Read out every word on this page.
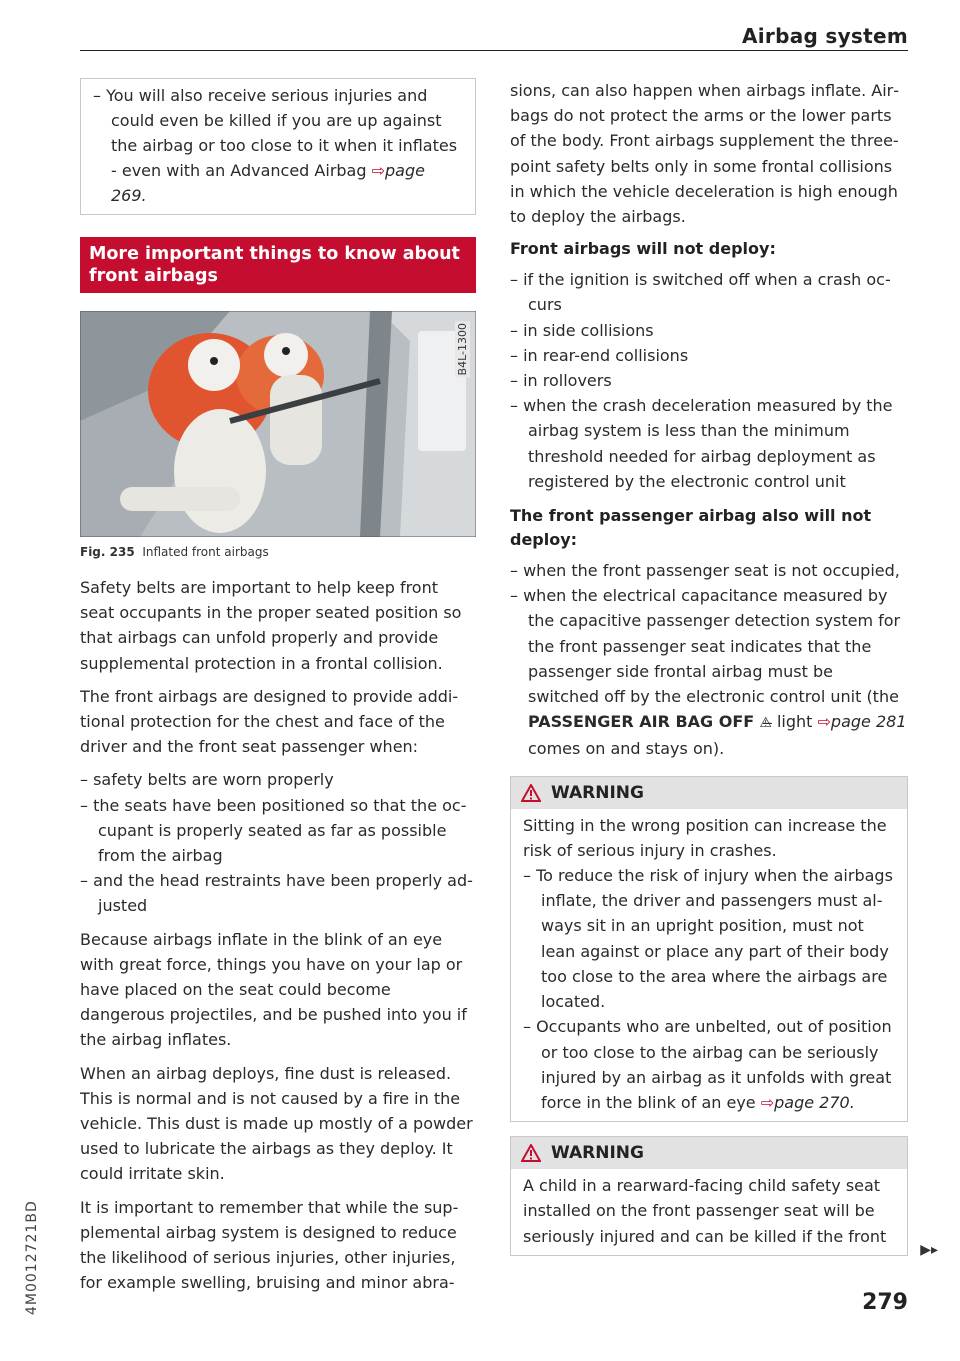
Airbag system
– You will also receive serious injuries and could even be killed if you are up against the airbag or too close to it when it inflates - even with an Advanced Airbag ⇨page 269.
More important things to know about front airbags
B4L-1300
Fig. 235 Inflated front airbags

Safety belts are important to help keep front seat occupants in the proper seated position so that airbags can unfold properly and provide supplemental protection in a frontal collision.

The front airbags are designed to provide additional protection for the chest and face of the driver and the front seat passenger when:

– safety belts are worn properly
– the seats have been positioned so that the occupant is properly seated as far as possible from the airbag
– and the head restraints have been properly adjusted

Because airbags inflate in the blink of an eye with great force, things you have on your lap or have placed on the seat could become dangerous projectiles, and be pushed into you if the airbag inflates.

When an airbag deploys, fine dust is released. This is normal and is not caused by a fire in the vehicle. This dust is made up mostly of a powder used to lubricate the airbags as they deploy. It could irritate skin.

It is important to remember that while the supplemental airbag system is designed to reduce the likelihood of serious injuries, other injuries, for example swelling, bruising and minor abra-

sions, can also happen when airbags inflate. Airbags do not protect the arms or the lower parts of the body. Front airbags supplement the three-point safety belts only in some frontal collisions in which the vehicle deceleration is high enough to deploy the airbags.

Front airbags will not deploy:
– if the ignition is switched off when a crash occurs
– in side collisions
– in rear-end collisions
– in rollovers
– when the crash deceleration measured by the airbag system is less than the minimum threshold needed for airbag deployment as registered by the electronic control unit
The front passenger airbag also will not deploy:
– when the front passenger seat is not occupied,
– when the electrical capacitance measured by the capacitive passenger detection system for the front passenger seat indicates that the passenger side frontal airbag must be switched off by the electronic control unit (the PASSENGER AIR BAG OFF ⚠̶ light ⇨page 281 comes on and stays on).
WARNING

Sitting in the wrong position can increase the risk of serious injury in crashes.

– To reduce the risk of injury when the airbags inflate, the driver and passengers must always sit in an upright position, must not lean against or place any part of their body too close to the area where the airbags are located.
– Occupants who are unbelted, out of position or too close to the airbag can be seriously injured by an airbag as it unfolds with great force in the blink of an eye ⇨page 270.
WARNING

A child in a rearward-facing child safety seat installed on the front passenger seat will be seriously injured and can be killed if the front

▶▸
279
4M0012721BD
